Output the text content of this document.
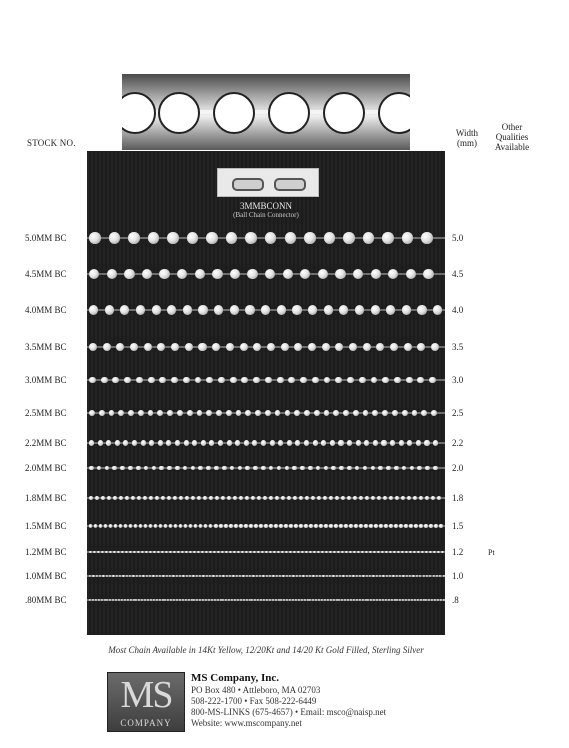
STOCK NO.
Width
(mm)
Other
Qualities
Available
3MMBCONN
(Ball Chain Connector)
5.0MM BC	5.0
4.5MM BC	4.5
4.0MM BC	4.0
3.5MM BC	3.5
3.0MM BC	3.0
2.5MM BC	2.5
2.2MM BC	2.2
2.0MM BC	2.0
1.8MM BC	1.8
1.5MM BC	1.5
1.2MM BC	1.2	Pt
1.0MM BC	1.0
.80MM BC	.8
Most Chain Available in 14Kt Yellow, 12/20Kt and 14/20 Kt Gold Filled, Sterling Silver
MS
COMPANY
MS Company, Inc.
PO Box 480 • Attleboro, MA 02703
508-222-1700 • Fax 508-222-6449
800-MS-LINKS (675-4657) • Email: msco@naisp.net
Website: www.mscompany.net
